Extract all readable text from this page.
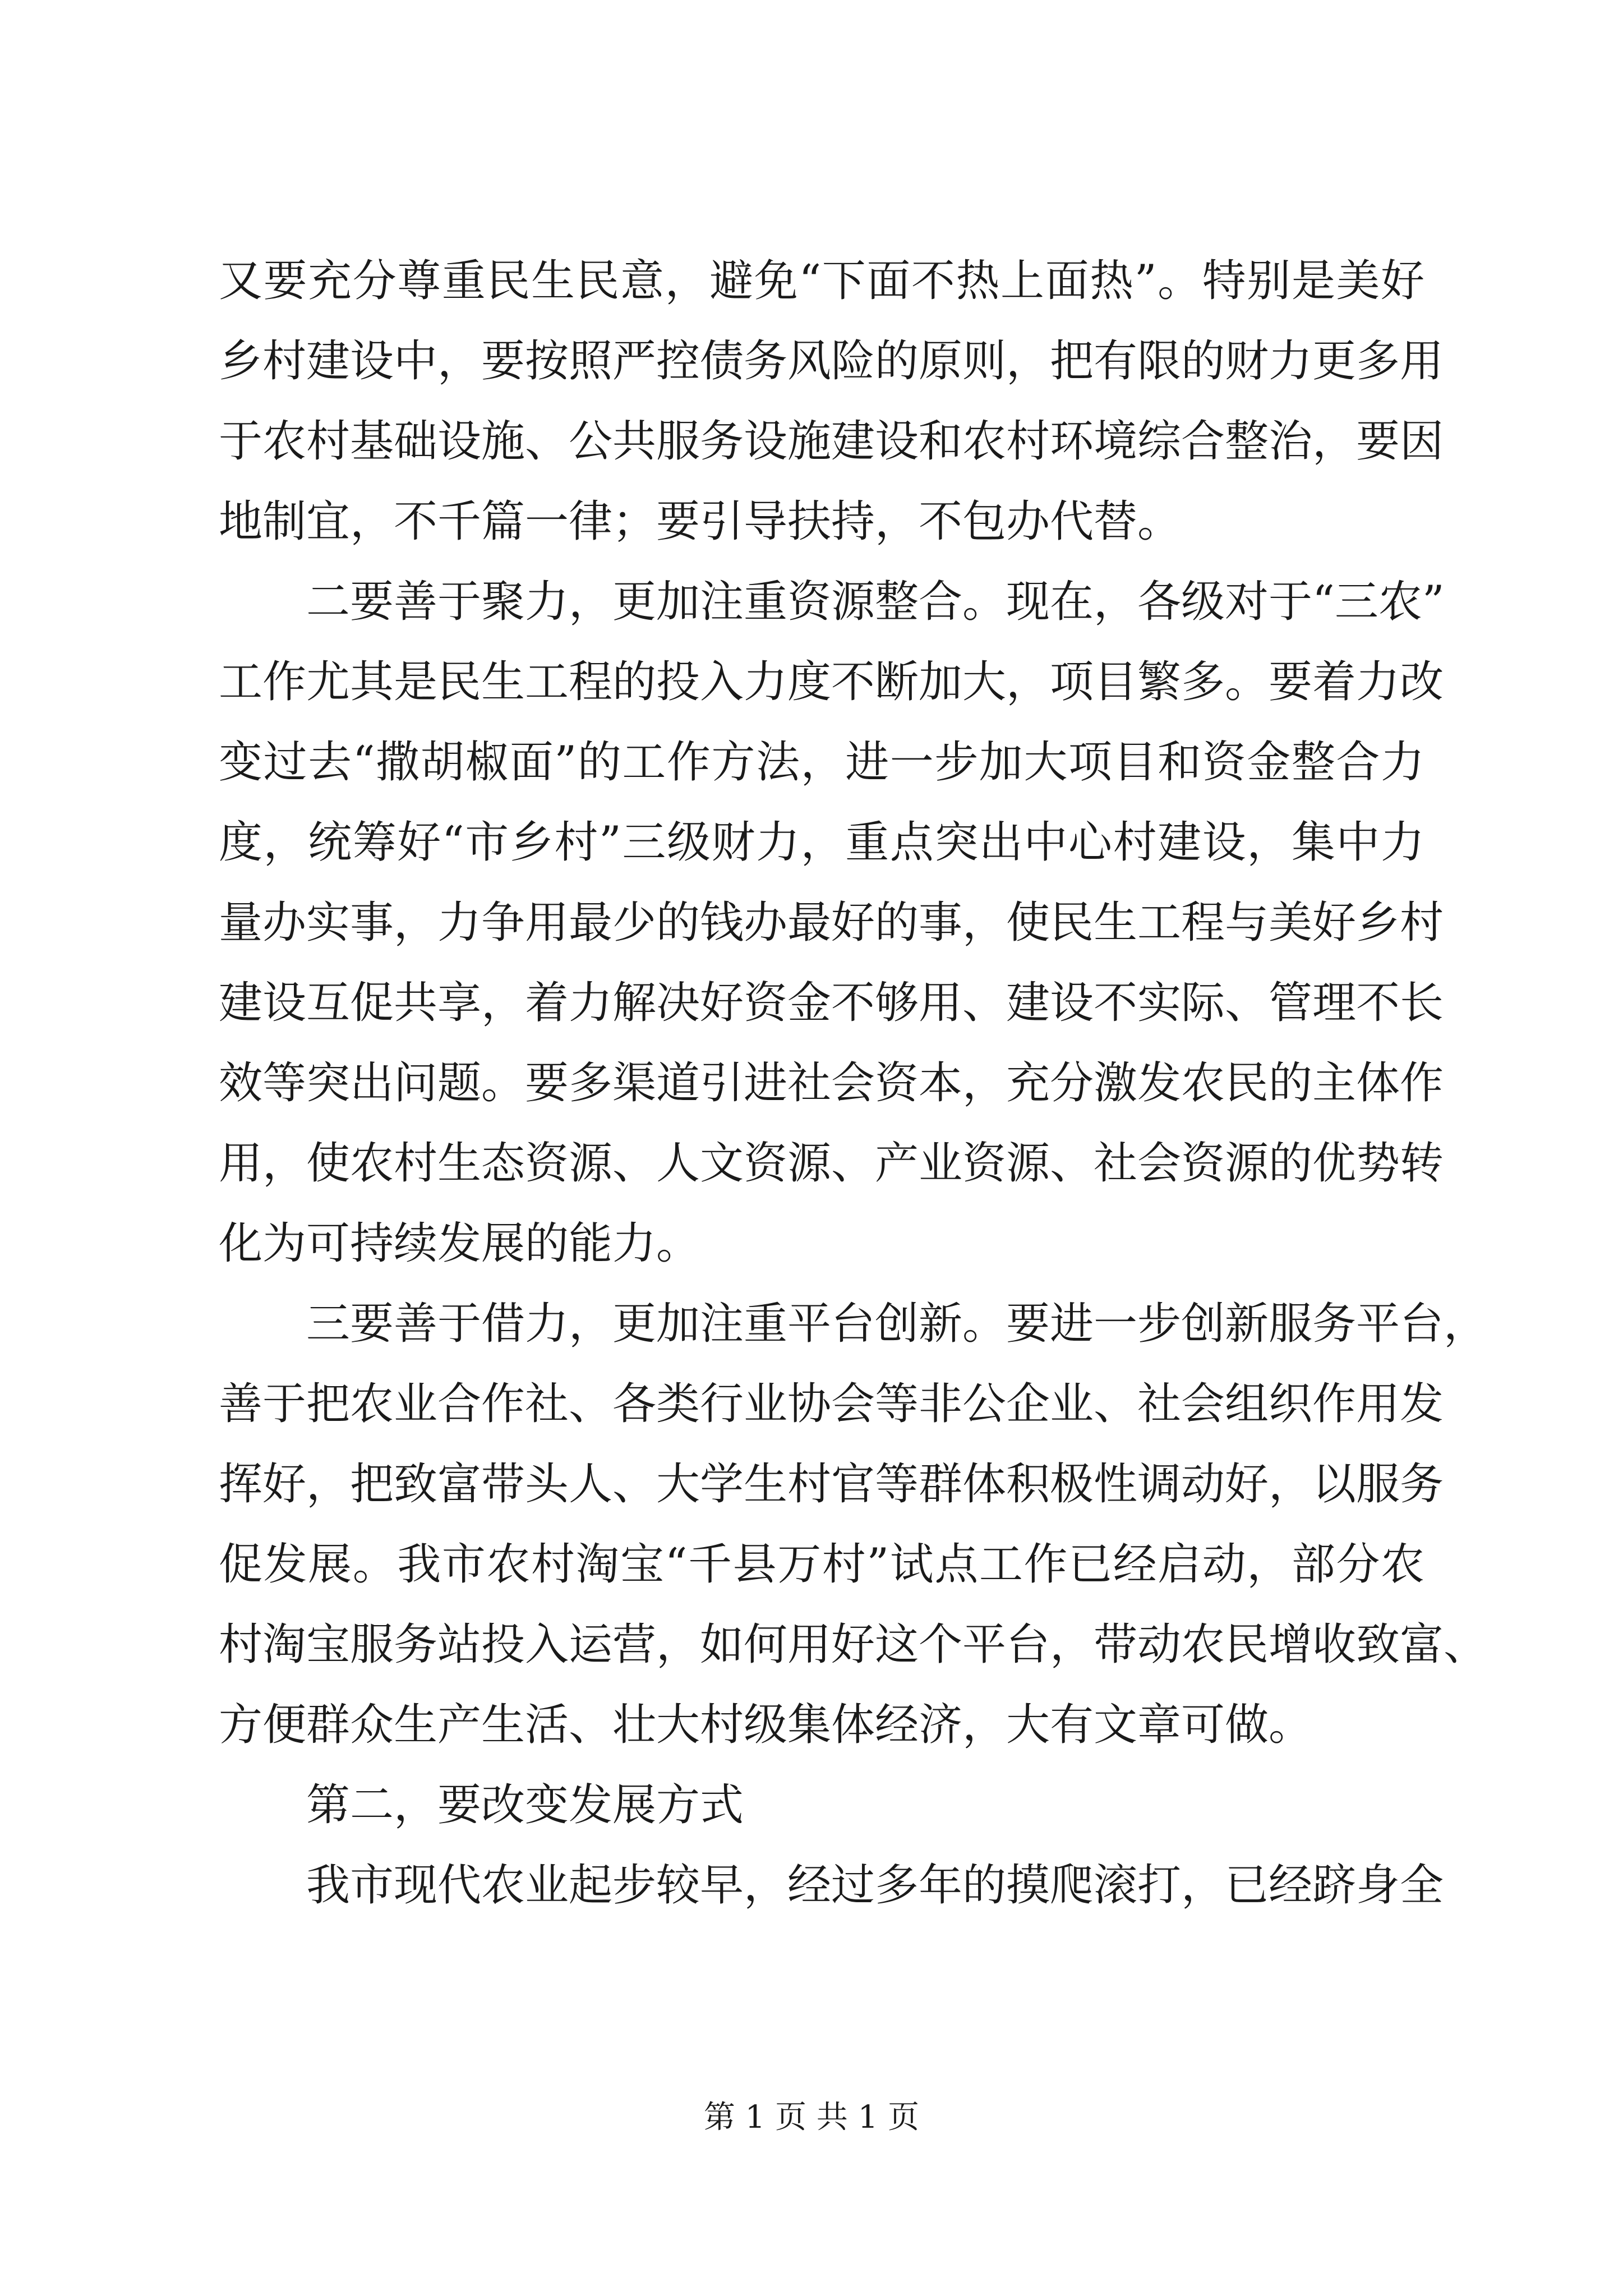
又要充分尊重民生民意，避免“下面不热上面热”。特别是美好
乡村建设中，要按照严控债务风险的原则，把有限的财力更多用
于农村基础设施、公共服务设施建设和农村环境综合整治，要因
地制宜，不千篇一律；要引导扶持，不包办代替。
二要善于聚力，更加注重资源整合。现在，各级对于“三农”
工作尤其是民生工程的投入力度不断加大，项目繁多。要着力改
变过去“撒胡椒面”的工作方法，进一步加大项目和资金整合力
度，统筹好“市乡村”三级财力，重点突出中心村建设，集中力
量办实事，力争用最少的钱办最好的事，使民生工程与美好乡村
建设互促共享，着力解决好资金不够用、建设不实际、管理不长
效等突出问题。要多渠道引进社会资本，充分激发农民的主体作
用，使农村生态资源、人文资源、产业资源、社会资源的优势转
化为可持续发展的能力。
三要善于借力，更加注重平台创新。要进一步创新服务平台，
善于把农业合作社、各类行业协会等非公企业、社会组织作用发
挥好，把致富带头人、大学生村官等群体积极性调动好，以服务
促发展。我市农村淘宝“千县万村”试点工作已经启动，部分农
村淘宝服务站投入运营，如何用好这个平台，带动农民增收致富、
方便群众生产生活、壮大村级集体经济，大有文章可做。
第二，要改变发展方式
我市现代农业起步较早，经过多年的摸爬滚打，已经跻身全
第 1 页 共 1 页
